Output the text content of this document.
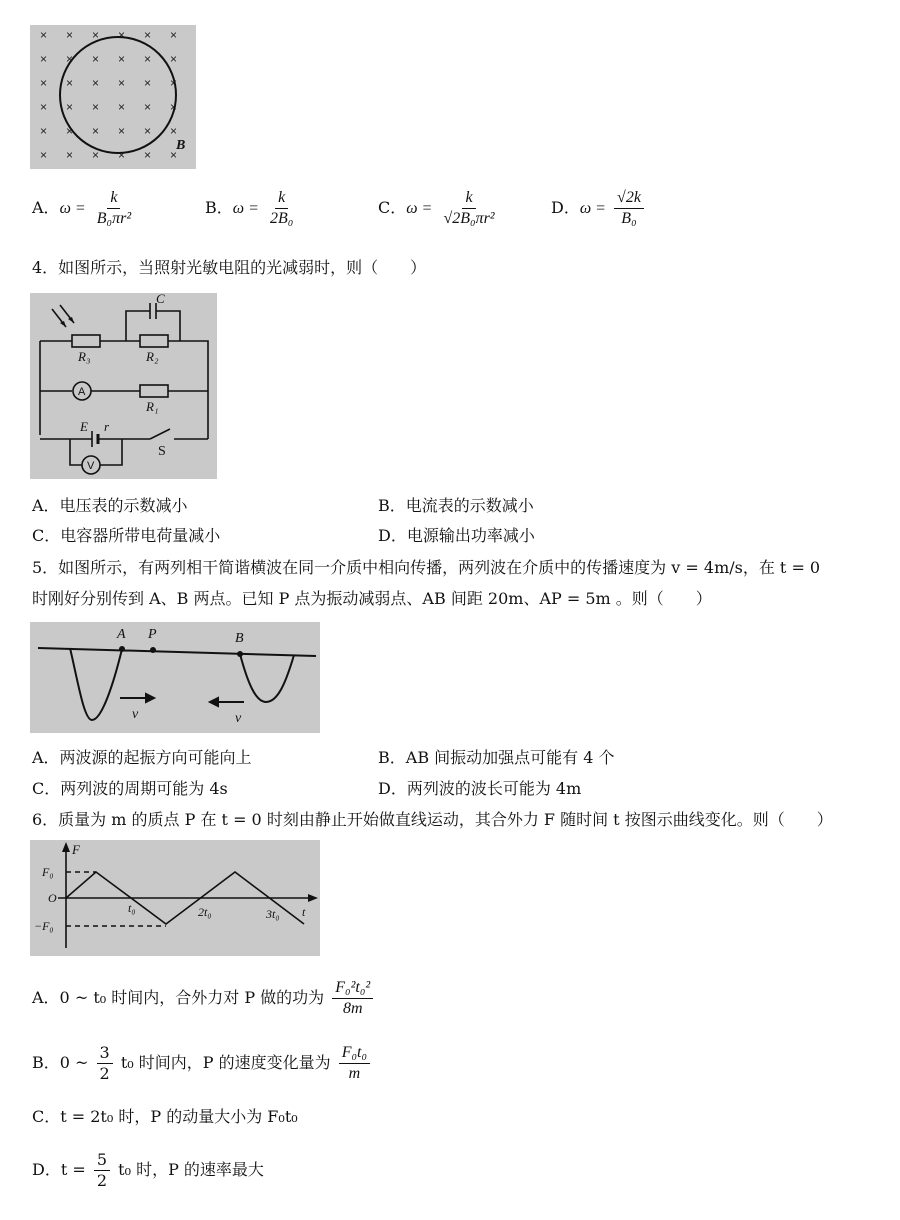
× × × × × ×
× × × × × ×
× × × × × ×
× × × × × ×
× × × × × ×
× × × × × ×
B
A．$\omega = \frac{k}{\text{B₀πr²}}$	B．$\omega = \frac{k}{\text{2B₀}}$	C．$\omega = \frac{k}{\text{√2B₀πr²}}$	D．$\omega = \frac{√2k}{\text{B₀}}$
4．如图所示，当照射光敏电阻的光减弱时，则（　　）
C
R₃	R₂
R₁
E r
A
V
S
A．电压表的示数减小	B．电流表的示数减小
C．电容器所带电荷量减小	D．电源输出功率减小
5．如图所示，有两列相干简谐横波在同一介质中相向传播，两列波在介质中的传播速度为 v = 4m/s，在 t = 0
时刚好分别传到 A、B 两点。已知 P 点为振动减弱点、AB 间距 20m、AP = 5m 。则（　　）
A P	B
v	v
A．两波源的起振方向可能向上	B．AB 间振动加强点可能有 4 个
C．两列波的周期可能为 4s	D．两列波的波长可能为 4m
6．质量为 m 的质点 P 在 t = 0 时刻由静止开始做直线运动，其合外力 F 随时间 t 按图示曲线变化。则（　　）
F
F₀
O
t₀	2t₀	3t₀ t
−F₀
A．0 ~ t₀ 时间内，合外力对 P 做的功为 $\frac{\text{F₀²t₀²}}{8m}$
B．0 ~ $\frac{3}{2} t_0$ 时间内，P 的速度变化量为 $\frac{\text{F₀t₀}}{m}$
C．t = 2t₀ 时，P 的动量大小为 F₀t₀
D．$t = \frac{5}{2} t_0$ 时，P 的速率最大
